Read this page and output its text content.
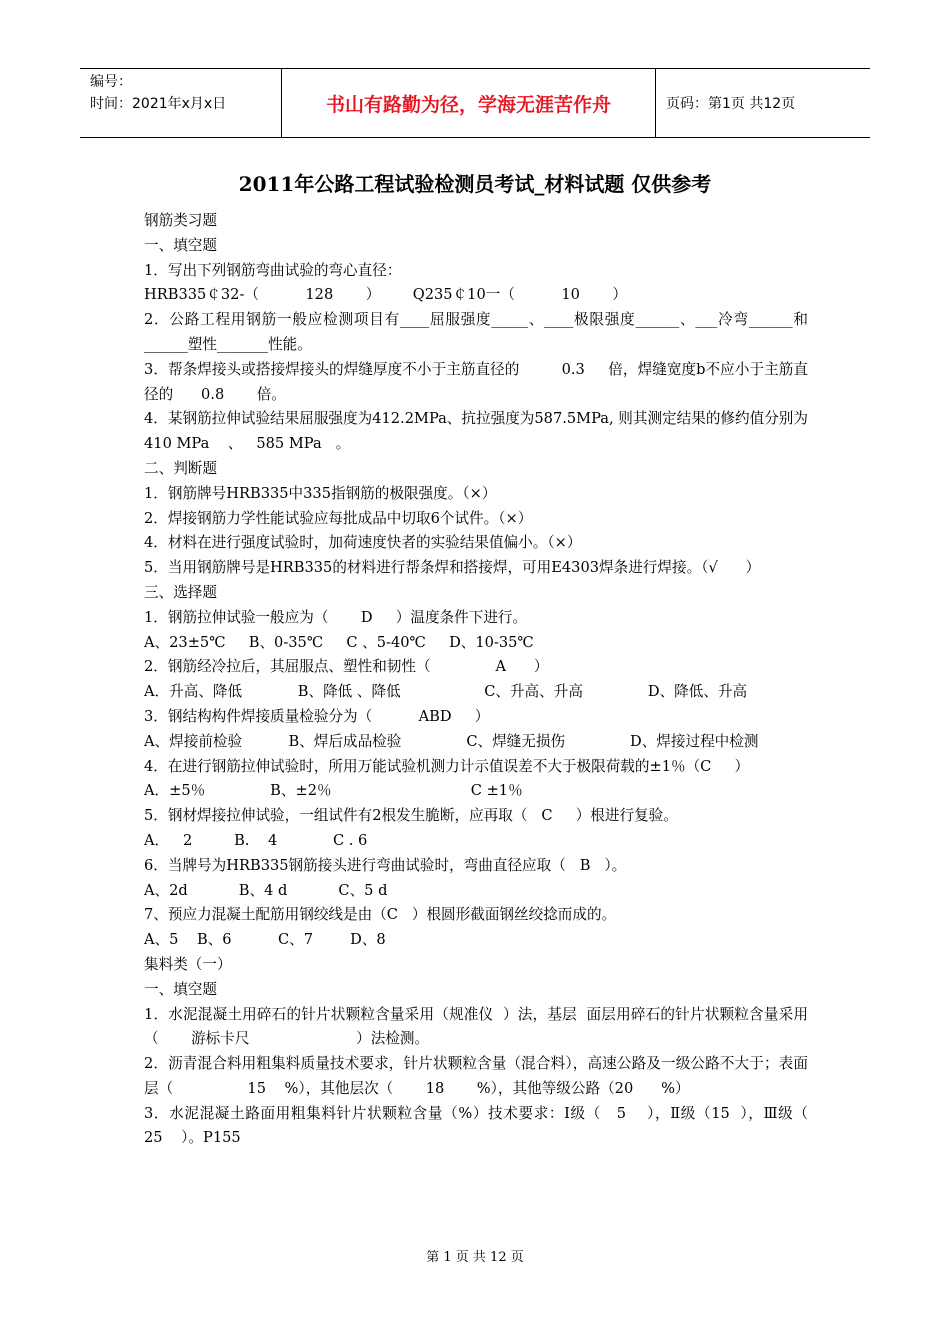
编号：
时间：2021年x月x日	书山有路勤为径，学海无涯苦作舟	页码：第1页 共12页
2011年公路工程试验检测员考试_材料试题 仅供参考

钢筋类习题

一、填空题

1．写出下列钢筋弯曲试验的弯心直径：

HRB335￠32-（          128       ）       Q235￠10一（          10       ）

2．公路工程用钢筋一般应检测项目有____屈服强度_____、____极限强度______、___冷弯______和______塑性_______性能。

3．帮条焊接头或搭接焊接头的焊缝厚度不小于主筋直径的         0.3     倍，焊缝宽度b不应小于主筋直径的      0.8       倍。

4．某钢筋拉伸试验结果屈服强度为412.2MPa、抗拉强度为587.5MPa, 则其测定结果的修约值分别为      410 MPa    、   585 MPa   。

二、判断题

1．钢筋牌号HRB335中335指钢筋的极限强度。（×）

2．焊接钢筋力学性能试验应每批成品中切取6个试件。（×）

4．材料在进行强度试验时，加荷速度快者的实验结果值偏小。（×）

5．当用钢筋牌号是HRB335的材料进行帮条焊和搭接焊，可用E4303焊条进行焊接。（√      ）

三、选择题

1．钢筋拉伸试验一般应为（       D     ）温度条件下进行。

A、23±5℃     B、0-35℃     C 、5-40℃     D、10-35℃

2．钢筋经冷拉后，其屈服点、塑性和韧性（              A      ）

A．升高、降低            B、降低 、降低                  C、升高、升高              D、降低、升高

3．钢结构构件焊接质量检验分为（          ABD     ）

A、焊接前检验          B、焊后成品检验              C、焊缝无损伤              D、焊接过程中检测

4．在进行钢筋拉伸试验时，所用万能试验机测力计示值误差不大于极限荷载的±1％（C     ）

A．±5％              B、±2％                              C ±1％

5．钢材焊接拉伸试验，一组试件有2根发生脆断，应再取（   C     ）根进行复验。

A．   2         B.    4            C . 6

6．当牌号为HRB335钢筋接头进行弯曲试验时，弯曲直径应取（   B   ）。

A、2d           B、4 d           C、5 d

7、预应力混凝土配筋用钢绞线是由（C   ）根圆形截面钢丝绞捻而成的。

A、5    B、6          C、7        D、8

集料类（一）

一、填空题

1．水泥混凝土用碎石的针片状颗粒含量采用（规准仪  ）法，基层  面层用碎石的针片状颗粒含量采用（       游标卡尺                       ）法检测。

2．沥青混合料用粗集料质量技术要求，针片状颗粒含量（混合料），高速公路及一级公路不大于；表面层（                15    %），其他层次（       18       %），其他等级公路（20      %）

3．水泥混凝土路面用粗集料针片状颗粒含量（%）技术要求：Ⅰ级（   5    ），Ⅱ级（15  ），Ⅲ级（       25    ）。P155

第 1 页 共 12 页
